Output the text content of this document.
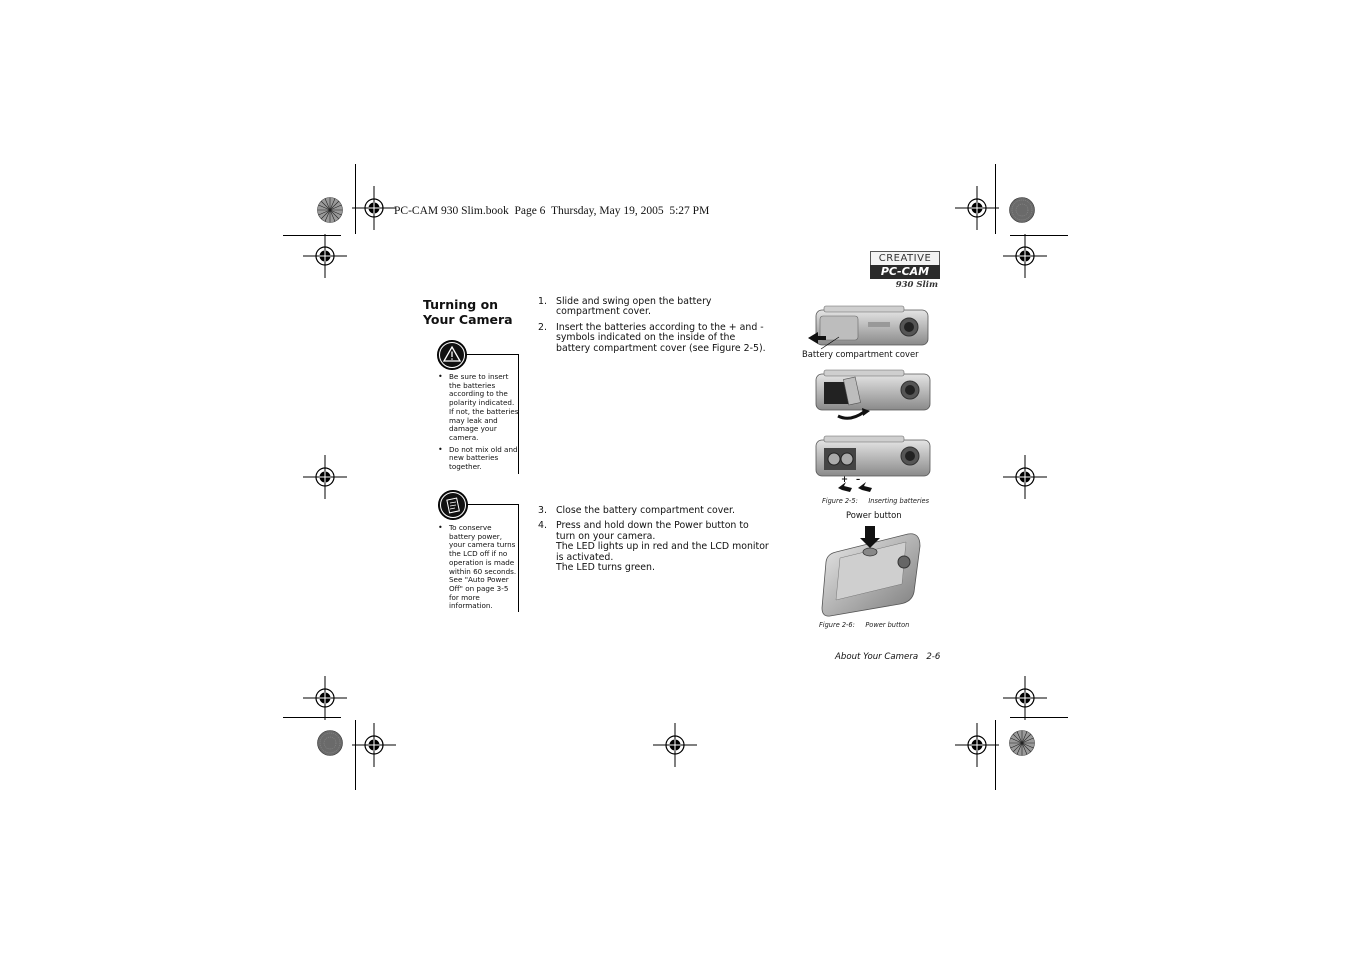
PC-CAM 930 Slim.book  Page 6  Thursday, May 19, 2005  5:27 PM
CREATIVE
PC-CAM
930 Slim
Turning on Your Camera
• Be sure to insert the batteries according to the polarity indicated. If not, the batteries may leak and damage your camera.
• Do not mix old and new batteries together.
• To conserve battery power, your camera turns the LCD off if no operation is made within 60 seconds. See "Auto Power Off" on page 3-5 for more information.
1. Slide and swing open the battery compartment cover.
2. Insert the batteries according to the + and - symbols indicated on the inside of the battery compartment cover (see Figure 2-5).
3. Close the battery compartment cover.
4. Press and hold down the Power button to turn on your camera.
The LED lights up in red and the LCD monitor is activated.
The LED turns green.
Battery compartment cover
+ –
Figure 2-5:     Inserting batteries
Power button
Figure 2-6:     Power button
About Your Camera   2-6
